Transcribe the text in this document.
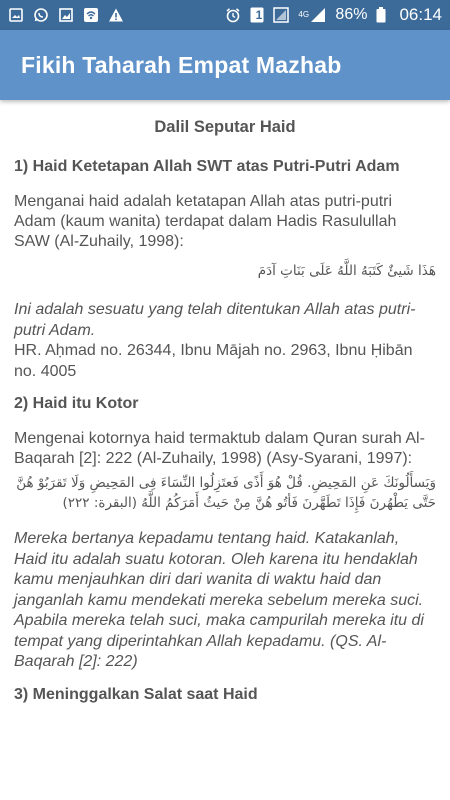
1	4G 86% 06:14
Fikih Taharah Empat Mazhab
Dalil Seputar Haid
1) Haid Ketetapan Allah SWT atas Putri-Putri Adam

Menganai haid adalah ketatapan Allah atas putri-putri Adam (kaum wanita) terdapat dalam Hadis Rasulullah SAW (Al-Zuhaily, 1998):

هَذَا شَيئٌ كَتَبَهُ اللَّهُ عَلَى بَنَاتِ آدَمَ

Ini adalah sesuatu yang telah ditentukan Allah atas putri-putri Adam.

HR. Aḥmad no. 26344, Ibnu Mājah no. 2963, Ibnu Ḥibān no. 4005

2) Haid itu Kotor

Mengenai kotornya haid termaktub dalam Quran surah Al-Baqarah [2]: 222 (Al-Zuhaily, 1998) (Asy-Syarani, 1997):

وَيَسأَلُونَكَ عَنِ المَحِيضِ. قُلْ هُوَ أَذًى فَعتَزِلُوا النِّسَاءَ فِى المَحِيضِ وَلَا تَقرَبُوْ هُنَّ حَتَّى يَطْهُرنَ فَإِذَا تَطَهَّرنَ فَأتُو هُنَّ مِنْ حَيثُ أَمَرَكُمُ اللَّهُ (البقرة: ٢٢٢)

Mereka bertanya kepadamu tentang haid. Katakanlah, Haid itu adalah suatu kotoran. Oleh karena itu hendaklah kamu menjauhkan diri dari wanita di waktu haid dan janganlah kamu mendekati mereka sebelum mereka suci. Apabila mereka telah suci, maka campurilah mereka itu di tempat yang diperintahkan Allah kepadamu. (QS. Al-Baqarah [2]: 222)

3) Meninggalkan Salat saat Haid
